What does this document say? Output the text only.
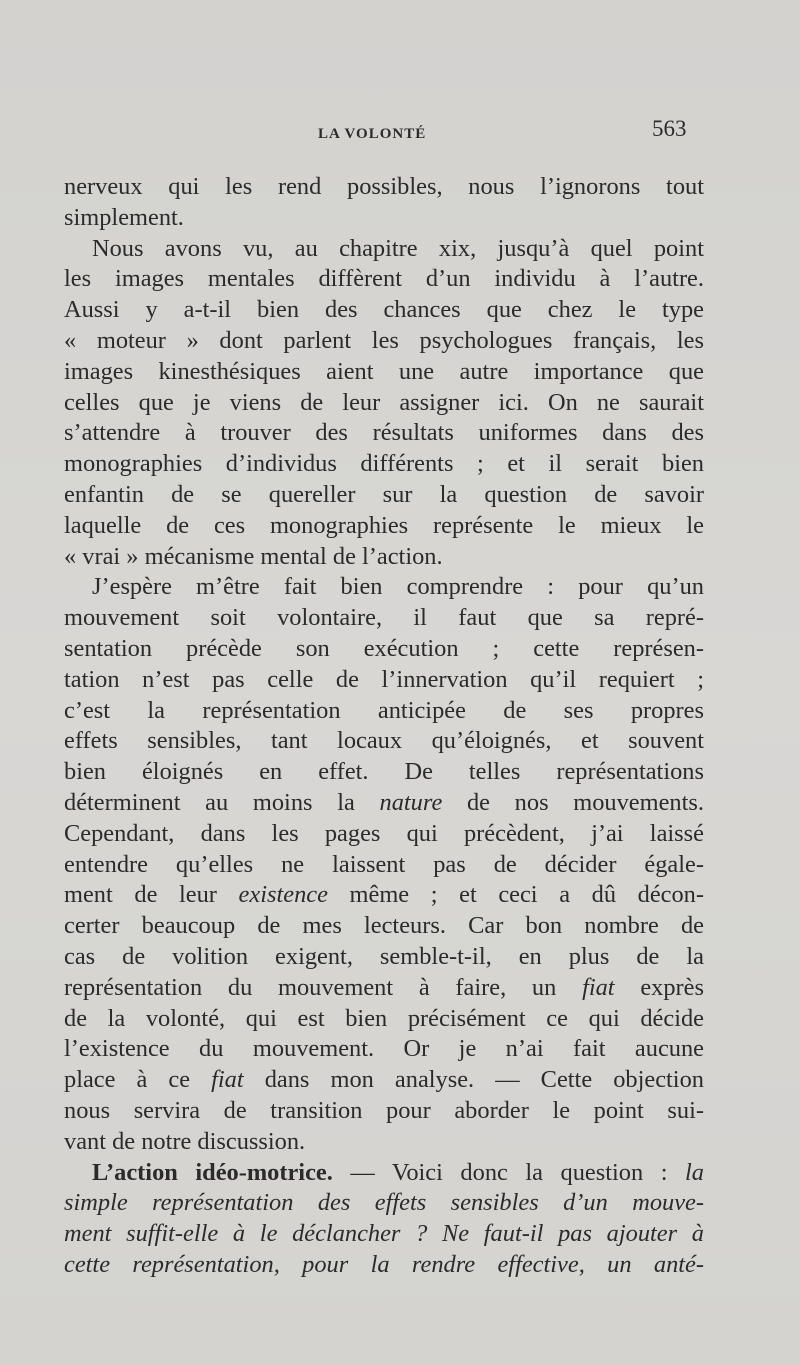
LA VOLONTÉ	563
nerveux qui les rend possibles, nous l’ignorons tout
simplement.
Nous avons vu, au chapitre xix, jusqu’à quel point
les images mentales diffèrent d’un individu à l’autre.
Aussi y a-t-il bien des chances que chez le type
« moteur » dont parlent les psychologues français, les
images kinesthésiques aient une autre importance que
celles que je viens de leur assigner ici. On ne saurait
s’attendre à trouver des résultats uniformes dans des
monographies d’individus différents ; et il serait bien
enfantin de se quereller sur la question de savoir
laquelle de ces monographies représente le mieux le
« vrai » mécanisme mental de l’action.
J’espère m’être fait bien comprendre : pour qu’un
mouvement soit volontaire, il faut que sa repré-
sentation précède son exécution ; cette représen-
tation n’est pas celle de l’innervation qu’il requiert ;
c’est la représentation anticipée de ses propres
effets sensibles, tant locaux qu’éloignés, et souvent
bien éloignés en effet. De telles représentations
déterminent au moins la nature de nos mouvements.
Cependant, dans les pages qui précèdent, j’ai laissé
entendre qu’elles ne laissent pas de décider égale-
ment de leur existence même ; et ceci a dû décon-
certer beaucoup de mes lecteurs. Car bon nombre de
cas de volition exigent, semble-t-il, en plus de la
représentation du mouvement à faire, un fiat exprès
de la volonté, qui est bien précisément ce qui décide
l’existence du mouvement. Or je n’ai fait aucune
place à ce fiat dans mon analyse. — Cette objection
nous servira de transition pour aborder le point sui-
vant de notre discussion.
L’action idéo-motrice. — Voici donc la question : la
simple représentation des effets sensibles d’un mouve-
ment suffit-elle à le déclancher ? Ne faut-il pas ajouter à
cette représentation, pour la rendre effective, un anté-
